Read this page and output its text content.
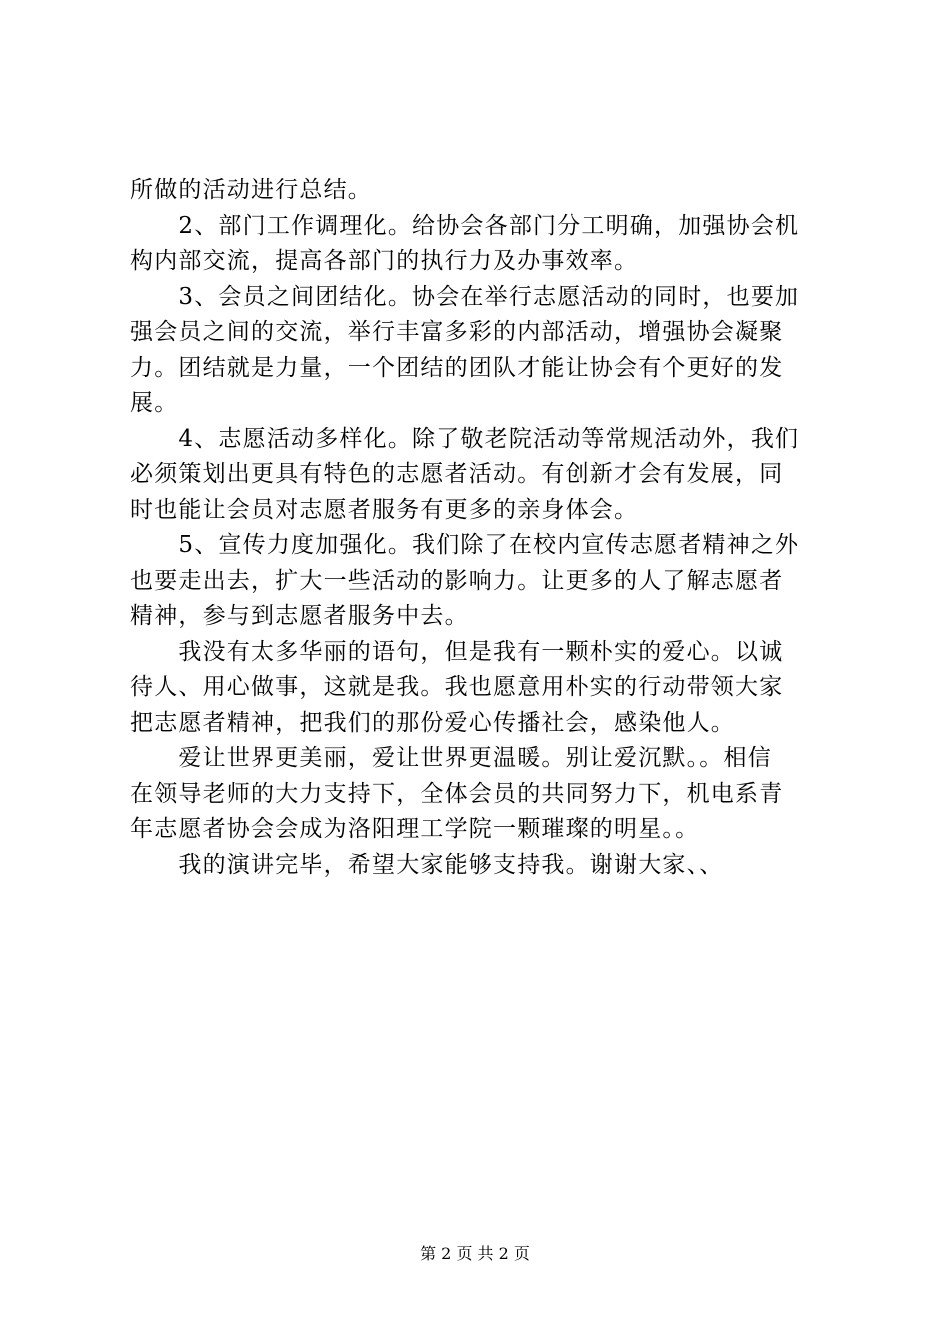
所做的活动进行总结。

　　2、部门工作调理化。给协会各部门分工明确，加强协会机

构内部交流，提高各部门的执行力及办事效率。

　　3、会员之间团结化。协会在举行志愿活动的同时，也要加

强会员之间的交流，举行丰富多彩的内部活动，增强协会凝聚

力。团结就是力量，一个团结的团队才能让协会有个更好的发

展。

　　4、志愿活动多样化。除了敬老院活动等常规活动外，我们

必须策划出更具有特色的志愿者活动。有创新才会有发展，同

时也能让会员对志愿者服务有更多的亲身体会。

　　5、宣传力度加强化。我们除了在校内宣传志愿者精神之外

也要走出去，扩大一些活动的影响力。让更多的人了解志愿者

精神，参与到志愿者服务中去。

　　我没有太多华丽的语句，但是我有一颗朴实的爱心。以诚

待人、用心做事，这就是我。我也愿意用朴实的行动带领大家

把志愿者精神，把我们的那份爱心传播社会，感染他人。

　　爱让世界更美丽，爱让世界更温暖。别让爱沉默。。相信

在领导老师的大力支持下，全体会员的共同努力下，机电系青

年志愿者协会会成为洛阳理工学院一颗璀璨的明星。。

　　我的演讲完毕，希望大家能够支持我。谢谢大家、、

第 2 页 共 2 页
